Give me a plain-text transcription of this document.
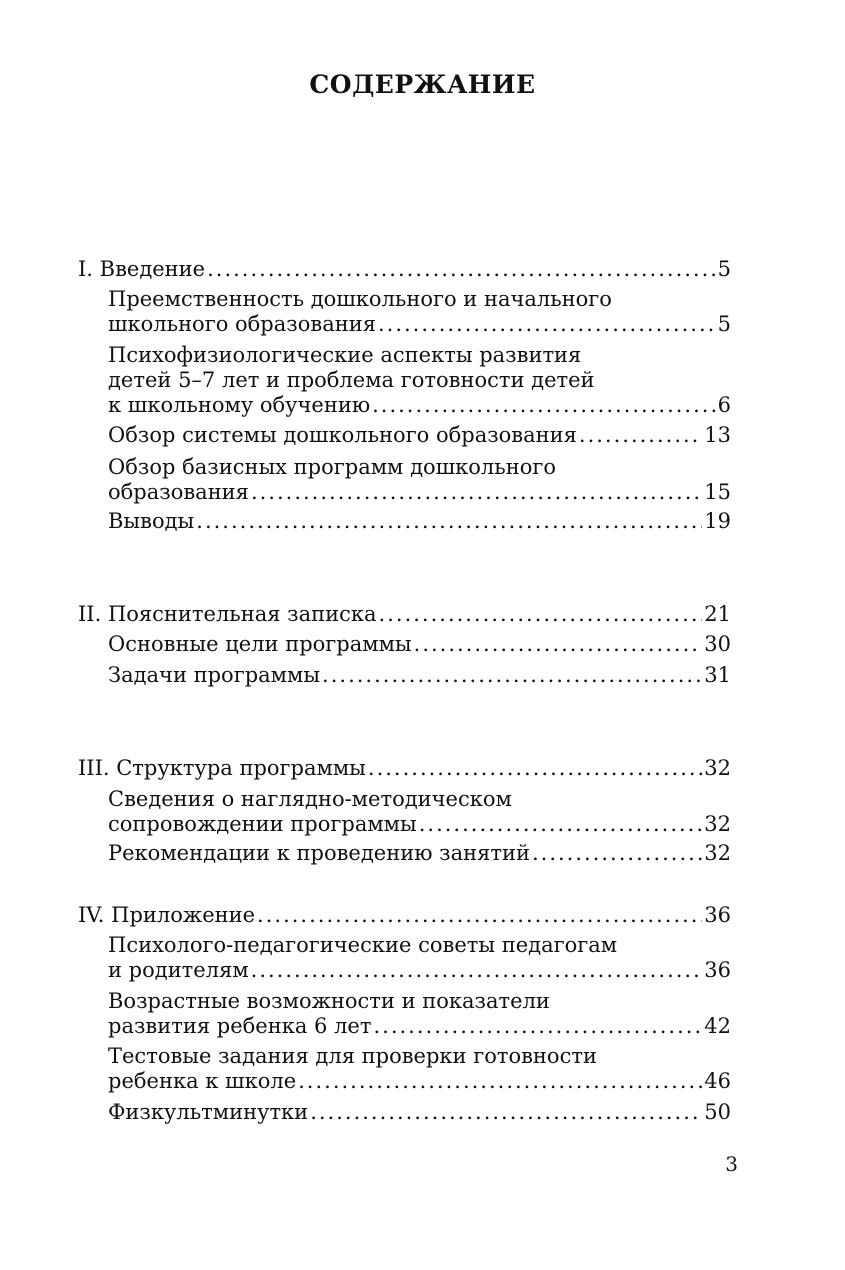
СОДЕРЖАНИЕ
I. Введение .....	5
Преемственность дошкольного и начального
школьного образования .....	5
Психофизиологические аспекты развития
детей 5–7 лет и проблема готовности детей
к школьному обучению .....	6
Обзор системы дошкольного образования .....	13
Обзор базисных программ дошкольного
образования .....	15
Выводы .....	19
II. Пояснительная записка .....	21
Основные цели программы .....	30
Задачи программы .....	31
III. Структура программы .....	32
Сведения о наглядно-методическом
сопровождении программы .....	32
Рекомендации к проведению занятий .....	32
IV. Приложение .....	36
Психолого-педагогические советы педагогам
и родителям .....	36
Возрастные возможности и показатели
развития ребенка 6 лет .....	42
Тестовые задания для проверки готовности
ребенка к школе .....	46
Физкультминутки .....	50
3
